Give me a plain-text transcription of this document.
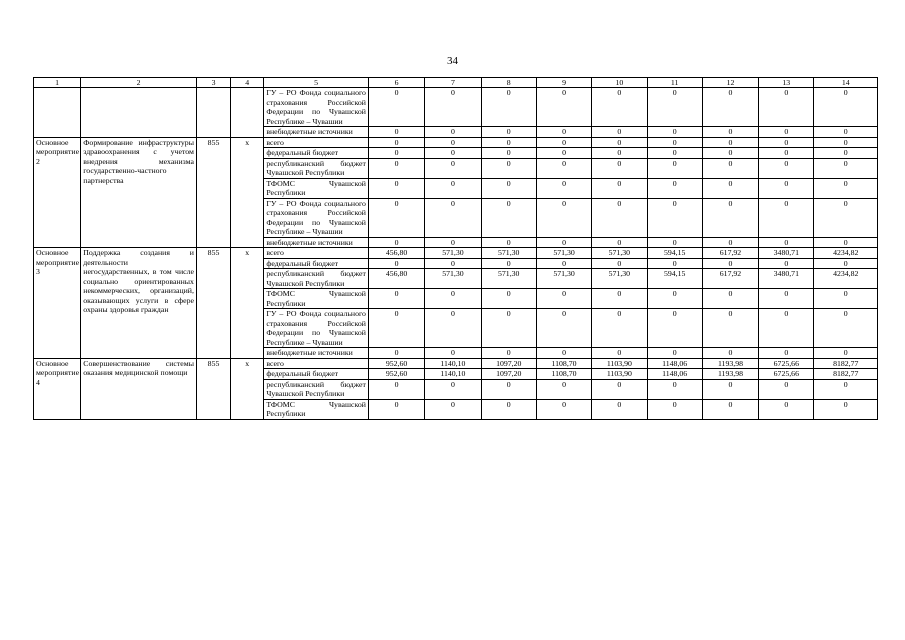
34
1	2	3	4	5	6	7	8	9	10	11	12	13	14
				ГУ – РО Фонда социального страхования Российской Федерации по Чувашской Республике – Чувашии	0	0	0	0	0	0	0	0	0
				внебюджетные источники	0	0	0	0	0	0	0	0	0
Основное мероприятие 2	Формирование инфраструктуры здравоохранения с учетом внедрения механизма государственно-частного партнерства	855	х	всего	0	0	0	0	0	0	0	0	0
				федеральный бюджет	0	0	0	0	0	0	0	0	0
				республиканский бюджет Чувашской Республики	0	0	0	0	0	0	0	0	0
				ТФОМС Чувашской Республики	0	0	0	0	0	0	0	0	0
				ГУ – РО Фонда социального страхования Российской Федерации по Чувашской Республике – Чувашии	0	0	0	0	0	0	0	0	0
				внебюджетные источники	0	0	0	0	0	0	0	0	0
Основное мероприятие 3	Поддержка создания и деятельности негосударственных, в том числе социально ориентированных некоммерческих, организаций, оказывающих услуги в сфере охраны здоровья граждан	855	х	всего	456,80	571,30	571,30	571,30	571,30	594,15	617,92	3480,71	4234,82
				федеральный бюджет	0	0	0	0	0	0	0	0	0
				республиканский бюджет Чувашской Республики	456,80	571,30	571,30	571,30	571,30	594,15	617,92	3480,71	4234,82
				ТФОМС Чувашской Республики	0	0	0	0	0	0	0	0	0
				ГУ – РО Фонда социального страхования Российской Федерации по Чувашской Республике – Чувашии	0	0	0	0	0	0	0	0	0
				внебюджетные источники	0	0	0	0	0	0	0	0	0
Основное мероприятие 4	Совершенствование системы оказания медицинской помощи	855	х	всего	952,60	1140,10	1097,20	1108,70	1103,90	1148,06	1193,98	6725,66	8182,77
				федеральный бюджет	952,60	1140,10	1097,20	1108,70	1103,90	1148,06	1193,98	6725,66	8182,77
				республиканский бюджет Чувашской Республики	0	0	0	0	0	0	0	0	0
				ТФОМС Чувашской Республики	0	0	0	0	0	0	0	0	0
